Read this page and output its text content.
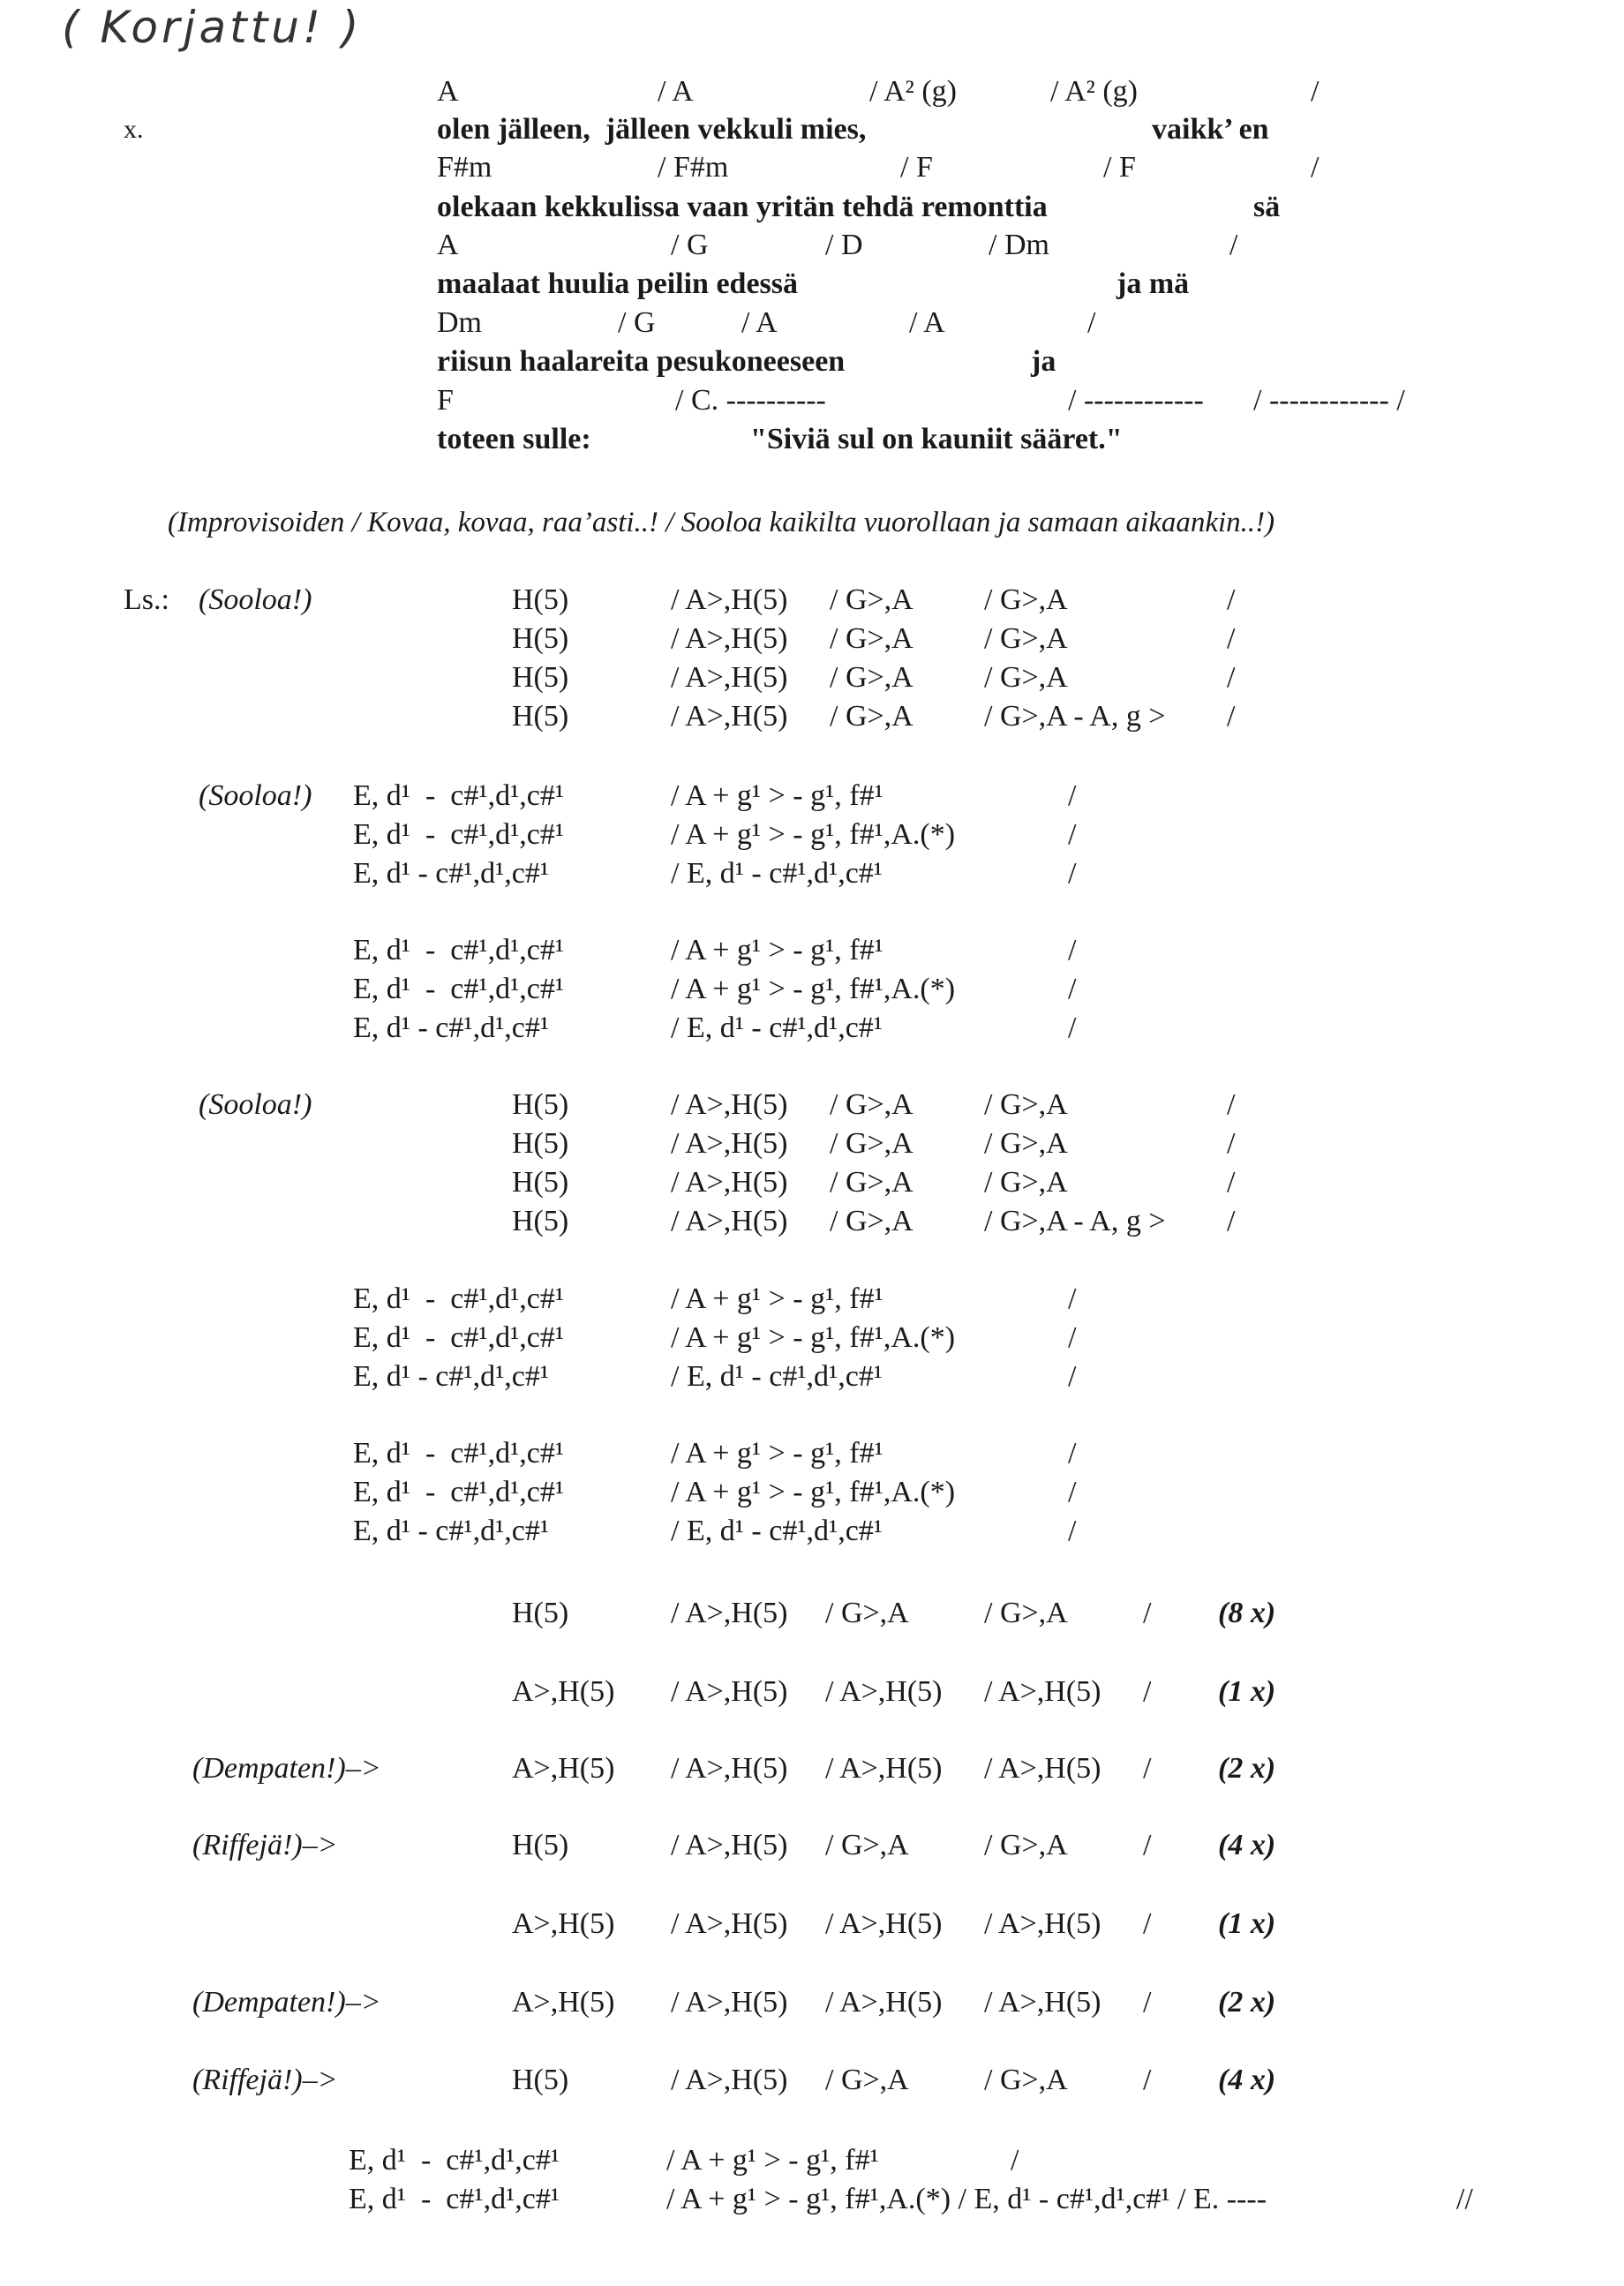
( Korjattu! )
x.
A	/ A	/ A² (g)	/ A² (g)	/
olen jälleen,  jälleen vekkuli mies,	vaikk’ en
F#m	/ F#m	/ F	/ F	/
olekaan kekkulissa vaan yritän tehdä remonttia	sä
A	/ G	/ D	/ Dm	/
maalaat huulia peilin edessä	ja mä
Dm	/ G	/ A	/ A	/
riisun haalareita pesukoneeseen	ja
F	/ C. ----------	/ ------------ / ------------ /
toteen sulle:	"Siviä sul on kauniit sääret."
(Improvisoiden / Kovaa, kovaa, raa’asti..! / Sooloa kaikilta vuorollaan ja samaan aikaankin..!)
Ls.: (Sooloa!)	H(5)	/ A>,H(5) / G>,A / G>,A	/
H(5)	/ A>,H(5) / G>,A / G>,A	/
H(5)	/ A>,H(5) / G>,A / G>,A	/
H(5)	/ A>,H(5) / G>,A / G>,A - A, g > /
(Sooloa!) E, d¹  -  c#¹,d¹,c#¹	/ A + g¹ > - g¹, f#¹	/
E, d¹  -  c#¹,d¹,c#¹	/ A + g¹ > - g¹, f#¹,A.(*)	/
E, d¹ - c#¹,d¹,c#¹	/ E, d¹ - c#¹,d¹,c#¹	/
E, d¹  -  c#¹,d¹,c#¹	/ A + g¹ > - g¹, f#¹	/
E, d¹  -  c#¹,d¹,c#¹	/ A + g¹ > - g¹, f#¹,A.(*)	/
E, d¹ - c#¹,d¹,c#¹	/ E, d¹ - c#¹,d¹,c#¹	/
(Sooloa!)	H(5)	/ A>,H(5) / G>,A / G>,A	/
H(5)	/ A>,H(5) / G>,A / G>,A	/
H(5)	/ A>,H(5) / G>,A / G>,A	/
H(5)	/ A>,H(5) / G>,A / G>,A - A, g > /
E, d¹  -  c#¹,d¹,c#¹	/ A + g¹ > - g¹, f#¹	/
E, d¹  -  c#¹,d¹,c#¹	/ A + g¹ > - g¹, f#¹,A.(*)	/
E, d¹ - c#¹,d¹,c#¹	/ E, d¹ - c#¹,d¹,c#¹	/
E, d¹  -  c#¹,d¹,c#¹	/ A + g¹ > - g¹, f#¹	/
E, d¹  -  c#¹,d¹,c#¹	/ A + g¹ > - g¹, f#¹,A.(*)	/
E, d¹ - c#¹,d¹,c#¹	/ E, d¹ - c#¹,d¹,c#¹	/
H(5)	/ A>,H(5) / G>,A	/ G>,A	/ (8 x)
A>,H(5) / A>,H(5) / A>,H(5) / A>,H(5) / (1 x)
(Dempaten!)–>	A>,H(5) / A>,H(5) / A>,H(5) / A>,H(5) / (2 x)
(Riffejä!)–>	H(5)	/ A>,H(5) / G>,A	/ G>,A	/ (4 x)
A>,H(5) / A>,H(5) / A>,H(5) / A>,H(5) / (1 x)
(Dempaten!)–>	A>,H(5) / A>,H(5) / A>,H(5) / A>,H(5) / (2 x)
(Riffejä!)–>	H(5)	/ A>,H(5) / G>,A	/ G>,A	/ (4 x)
E, d¹  -  c#¹,d¹,c#¹	/ A + g¹ > - g¹, f#¹	/
E, d¹  -  c#¹,d¹,c#¹	/ A + g¹ > - g¹, f#¹,A.(*) / E, d¹ - c#¹,d¹,c#¹ / E. ----	//
